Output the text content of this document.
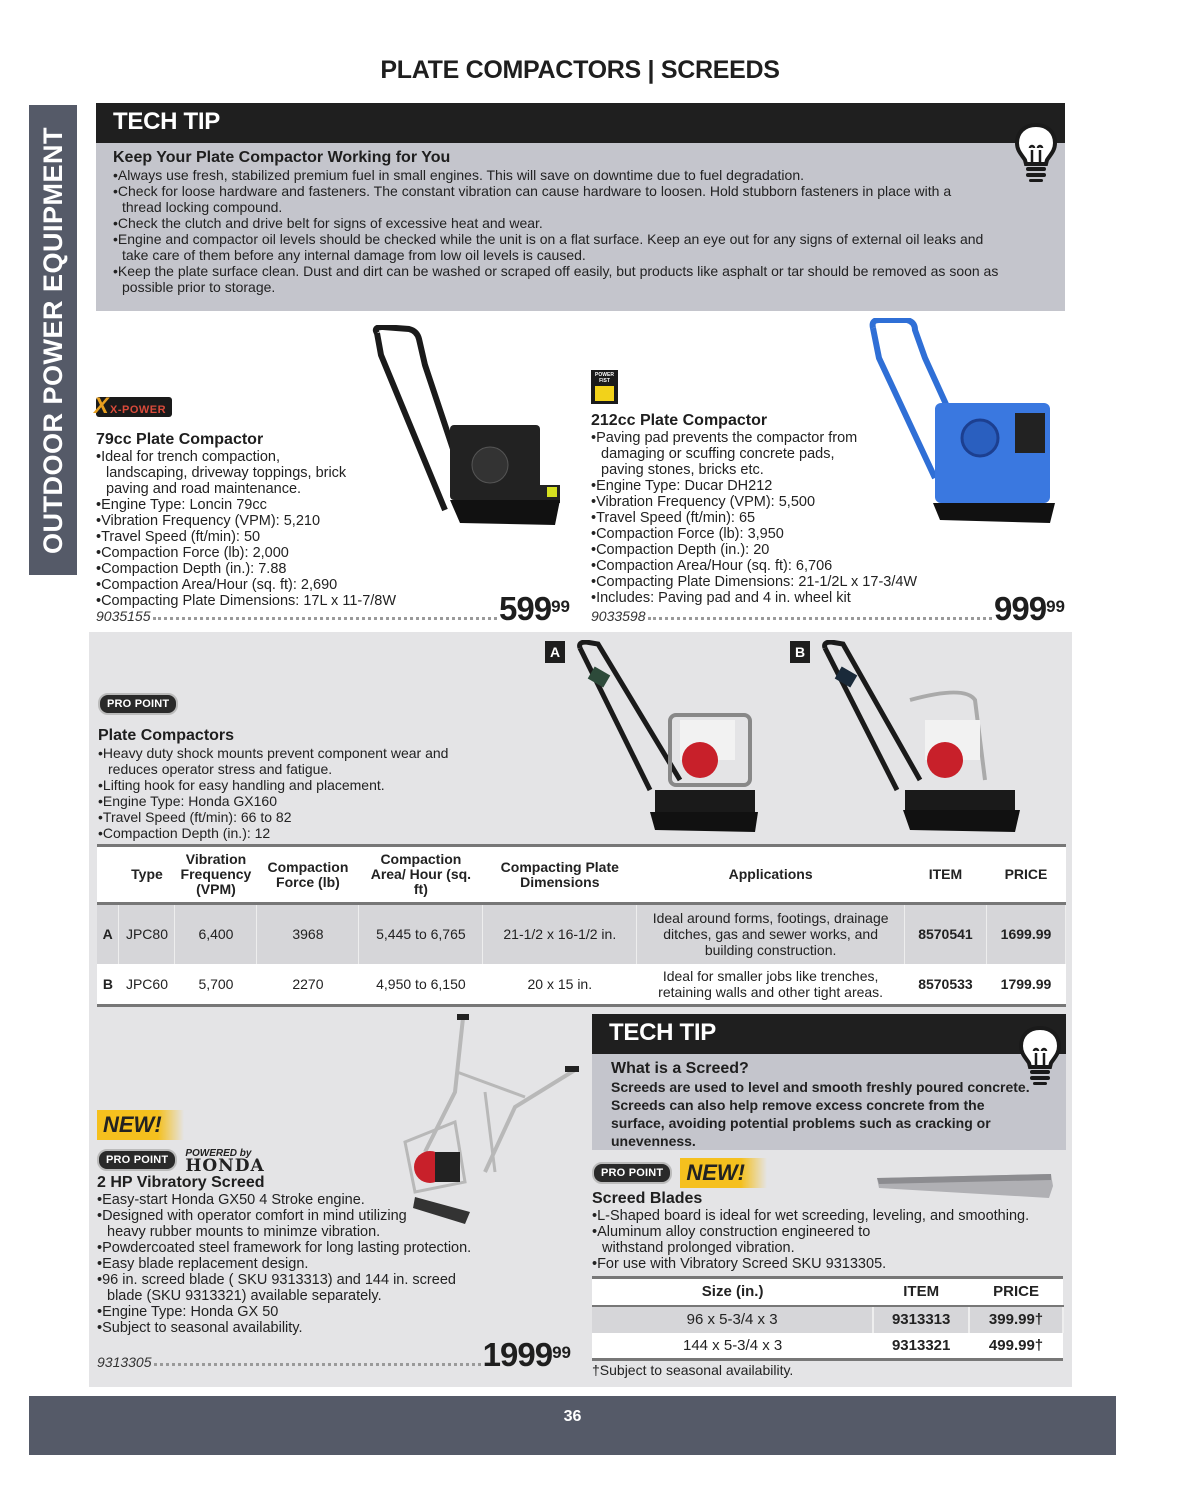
PLATE COMPACTORS | SCREEDS
OUTDOOR POWER EQUIPMENT
TECH TIP
Keep Your Plate Compactor Working for You
• Always use fresh, stabilized premium fuel in small engines. This will save on downtime due to fuel degradation.
• Check for loose hardware and fasteners. The constant vibration can cause hardware to loosen. Hold stubborn fasteners in place with a thread locking compound.
• Check the clutch and drive belt for signs of excessive heat and wear.
• Engine and compactor oil levels should be checked while the unit is on a flat surface. Keep an eye out for any signs of external oil leaks and take care of them before any internal damage from low oil levels is caused.
• Keep the plate surface clean. Dust and dirt can be washed or scraped off easily, but products like asphalt or tar should be removed as soon as possible prior to storage.
X X-POWER
79cc Plate Compactor
• Ideal for trench compaction, landscaping, driveway toppings, brick paving and road maintenance.
• Engine Type: Loncin 79cc
• Vibration Frequency (VPM): 5,210
• Travel Speed (ft/min): 50
• Compaction Force (lb): 2,000
• Compaction Depth (in.): 7.88
• Compaction Area/Hour (sq. ft): 2,690
• Compacting Plate Dimensions: 17L x 11-7/8W
9035155	$599^{99}$
POWER FIST
212cc Plate Compactor
• Paving pad prevents the compactor from damaging or scuffing concrete pads, paving stones, bricks etc.
• Engine Type: Ducar DH212
• Vibration Frequency (VPM): 5,500
• Travel Speed (ft/min): 65
• Compaction Force (lb): 3,950
• Compaction Depth (in.): 20
• Compaction Area/Hour (sq. ft): 6,706
• Compacting Plate Dimensions: 21-1/2L x 17-3/4W
• Includes: Paving pad and 4 in. wheel kit
9033598	$999^{99}$
PRO POINT
Plate Compactors
• Heavy duty shock mounts prevent component wear and reduces operator stress and fatigue.
• Lifting hook for easy handling and placement.
• Engine Type: Honda GX160
• Travel Speed (ft/min): 66 to 82
• Compaction Depth (in.): 12
A	B
	Type	Vibration Frequency (VPM)	Compaction Force (lb)	Compaction Area/ Hour (sq. ft)	Compacting Plate Dimensions	Applications	ITEM	PRICE
A	JPC80	6,400	3968	5,445 to 6,765	21-1/2 x 16-1/2 in.	Ideal around forms, footings, drainage ditches, gas and sewer works, and building construction.	8570541	1699.99
B	JPC60	5,700	2270	4,950 to 6,150	20 x 15 in.	Ideal for smaller jobs like trenches, retaining walls and other tight areas.	8570533	1799.99
NEW!
PRO POINT
POWERED by
HONDA
2 HP Vibratory Screed
• Easy-start Honda GX50 4 Stroke engine.
• Designed with operator comfort in mind utilizing heavy rubber mounts to minimze vibration.
• Powdercoated steel framework for long lasting protection.
• Easy blade replacement design.
• 96 in. screed blade ( SKU 9313313) and 144 in. screed blade (SKU 9313321) available separately.
• Engine Type: Honda GX 50
• Subject to seasonal availability.
9313305	1999$^{99}$
TECH TIP
What is a Screed?

Screeds are used to level and smooth freshly poured concrete. Screeds can also help remove excess concrete from the surface, avoiding potential problems such as cracking or unevenness.

PRO POINT	NEW!
Screed Blades
• L-Shaped board is ideal for wet screeding, leveling, and smoothing.
• Aluminum alloy construction engineered to withstand prolonged vibration.
• For use with Vibratory Screed SKU 9313305.
Size (in.)	ITEM	PRICE
96 x 5-3/4 x 3	9313313	399.99†
144 x 5-3/4 x 3	9313321	499.99†
†Subject to seasonal availability.
36
